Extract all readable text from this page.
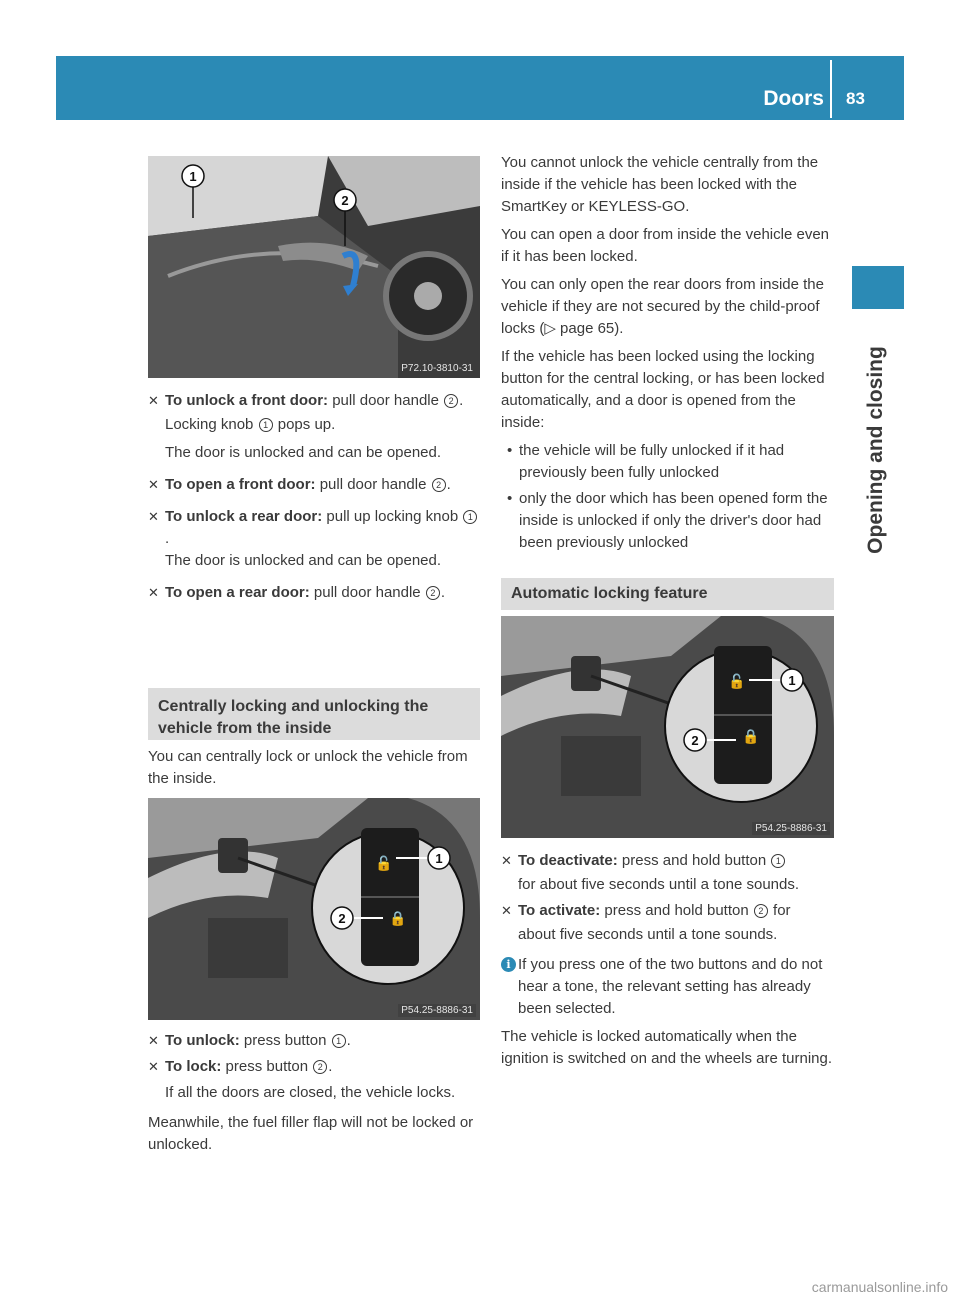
Doors 83
Opening and closing
1
2
P72.10-3810-31
✕ To unlock a front door: pull door handle 2 .

Locking knob 1 pops up.

The door is unlocked and can be opened.

✕ To open a front door: pull door handle 2 .
✕ To unlock a rear door: pull up locking knob 1.

The door is unlocked and can be opened.

✕ To open a rear door: pull door handle 2 .
Centrally locking and unlocking the vehicle from the inside
You can centrally lock or unlock the vehicle from the inside.
🔓
🔒
1
2
P54.25-8886-31
✕ To unlock: press button 1 .
✕ To lock: press button 2 .

If all the doors are closed, the vehicle locks.

Meanwhile, the fuel filler flap will not be locked or unlocked.

You cannot unlock the vehicle centrally from the inside if the vehicle has been locked with the SmartKey or KEYLESS-GO.

You can open a door from inside the vehicle even if it has been locked.

You can only open the rear doors from inside the vehicle if they are not secured by the child-proof locks (▷ page 65).

If the vehicle has been locked using the locking button for the central locking, or has been locked automatically, and a door is opened from the inside:

• the vehicle will be fully unlocked if it had previously been fully unlocked
• only the door which has been opened form the inside is unlocked if only the driver's door had been previously unlocked
Automatic locking feature
🔓
🔒
1
2
P54.25-8886-31
✕ To deactivate: press and hold button 1

for about five seconds until a tone sounds.

✕ To activate: press and hold button 2 for

about five seconds until a tone sounds.

i If you press one of the two buttons and do not hear a tone, the relevant setting has already been selected.

The vehicle is locked automatically when the ignition is switched on and the wheels are turning.

carmanualsonline.info
